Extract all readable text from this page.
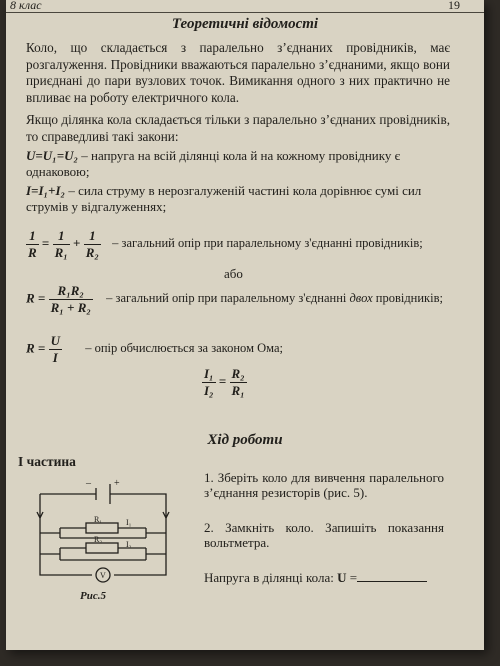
8 клас	19
Теоретичні відомості
Коло, що складається з паралельно з’єднаних провідників, має розгалуження. Провідники вважаються паралельно з’єднаними, якщо вони приєднані до пари вузлових точок. Вимикання одного з них практично не впливає на роботу електричного кола.
Якщо ділянка кола складається тільки з паралельно з’єднаних провідників, то справедливі такі закони:
U=U₁=U₂ – напруга на всій ділянці кола й на кожному провіднику є однаковою;
I=I₁+I₂ – сила струму в нерозгалуженій частині кола дорівнює сумі сил струмів у відгалуженнях;
$\frac{1}{R} = \frac{1}{\text{R₁}} + \frac{1}{\text{R₂}}$ – загальний опір при паралельному з'єднанні провідників;
або
$R = \frac{\text{R₁R₂}}{\text{R₁ + R₂}}$ – загальний опір при паралельному з'єднанні двох провідників;
$R = \frac{U}{I}$ – опір обчислюється за законом Ома;
$\frac{\text{I₁}}{\text{I₂}} = \frac{\text{R₂}}{\text{R₁}}$
Хід роботи
І частина
– +
R₁
R₂
I₁
I₂
V
Рис.5
1. Зберіть коло для вивчення паралельного з’єднання резисторів (рис. 5).
2. Замкніть коло. Запишіть показання вольтметра.
Напруга в ділянці кола: U =
